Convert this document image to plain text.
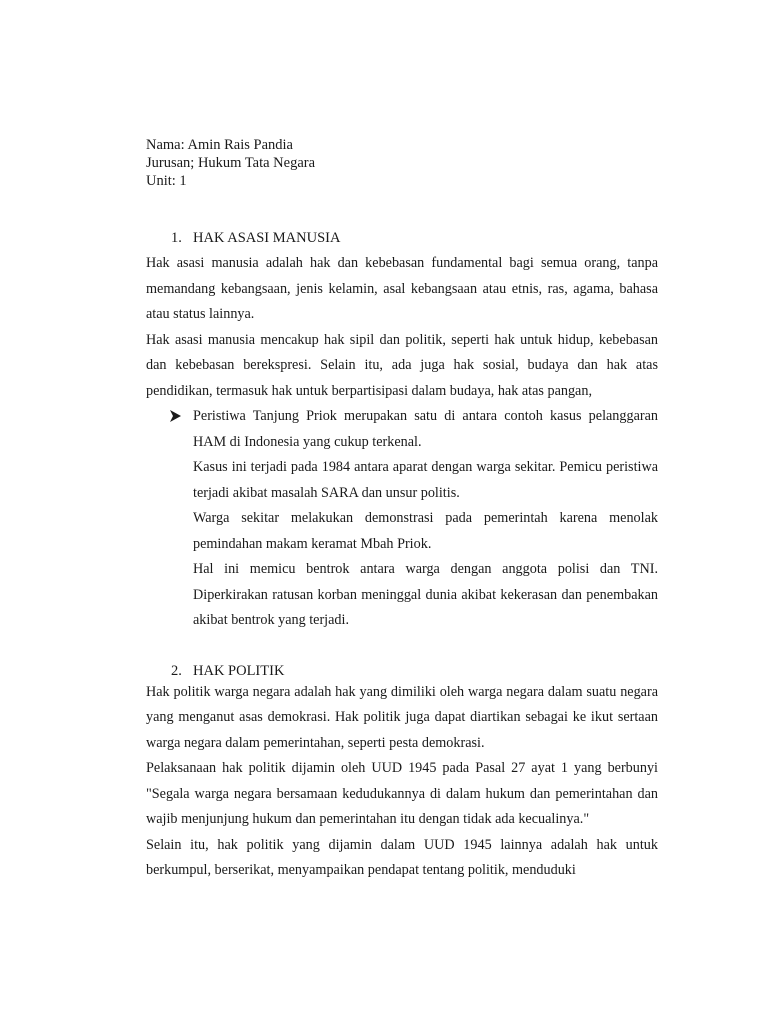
Nama: Amin Rais Pandia
Jurusan; Hukum Tata Negara
Unit: 1
1. HAK ASASI MANUSIA

Hak asasi manusia adalah hak dan kebebasan fundamental bagi semua orang, tanpa memandang kebangsaan, jenis kelamin, asal kebangsaan atau etnis, ras, agama, bahasa atau status lainnya.

Hak asasi manusia mencakup hak sipil dan politik, seperti hak untuk hidup, kebebasan dan kebebasan berekspresi. Selain itu, ada juga hak sosial, budaya dan hak atas pendidikan, termasuk hak untuk berpartisipasi dalam budaya, hak atas pangan,

Peristiwa Tanjung Priok merupakan satu di antara contoh kasus pelanggaran HAM di Indonesia yang cukup terkenal.

Kasus ini terjadi pada 1984 antara aparat dengan warga sekitar. Pemicu peristiwa terjadi akibat masalah SARA dan unsur politis.

Warga sekitar melakukan demonstrasi pada pemerintah karena menolak pemindahan makam keramat Mbah Priok.

Hal ini memicu bentrok antara warga dengan anggota polisi dan TNI. Diperkirakan ratusan korban meninggal dunia akibat kekerasan dan penembakan akibat bentrok yang terjadi.

2. HAK POLITIK

Hak politik warga negara adalah hak yang dimiliki oleh warga negara dalam suatu negara yang menganut asas demokrasi. Hak politik juga dapat diartikan sebagai ke ikut sertaan warga negara dalam pemerintahan, seperti pesta demokrasi.

Pelaksanaan hak politik dijamin oleh UUD 1945 pada Pasal 27 ayat 1 yang berbunyi "Segala warga negara bersamaan kedudukannya di dalam hukum dan pemerintahan dan wajib menjunjung hukum dan pemerintahan itu dengan tidak ada kecualinya."

Selain itu, hak politik yang dijamin dalam UUD 1945 lainnya adalah hak untuk berkumpul, berserikat, menyampaikan pendapat tentang politik, menduduki
